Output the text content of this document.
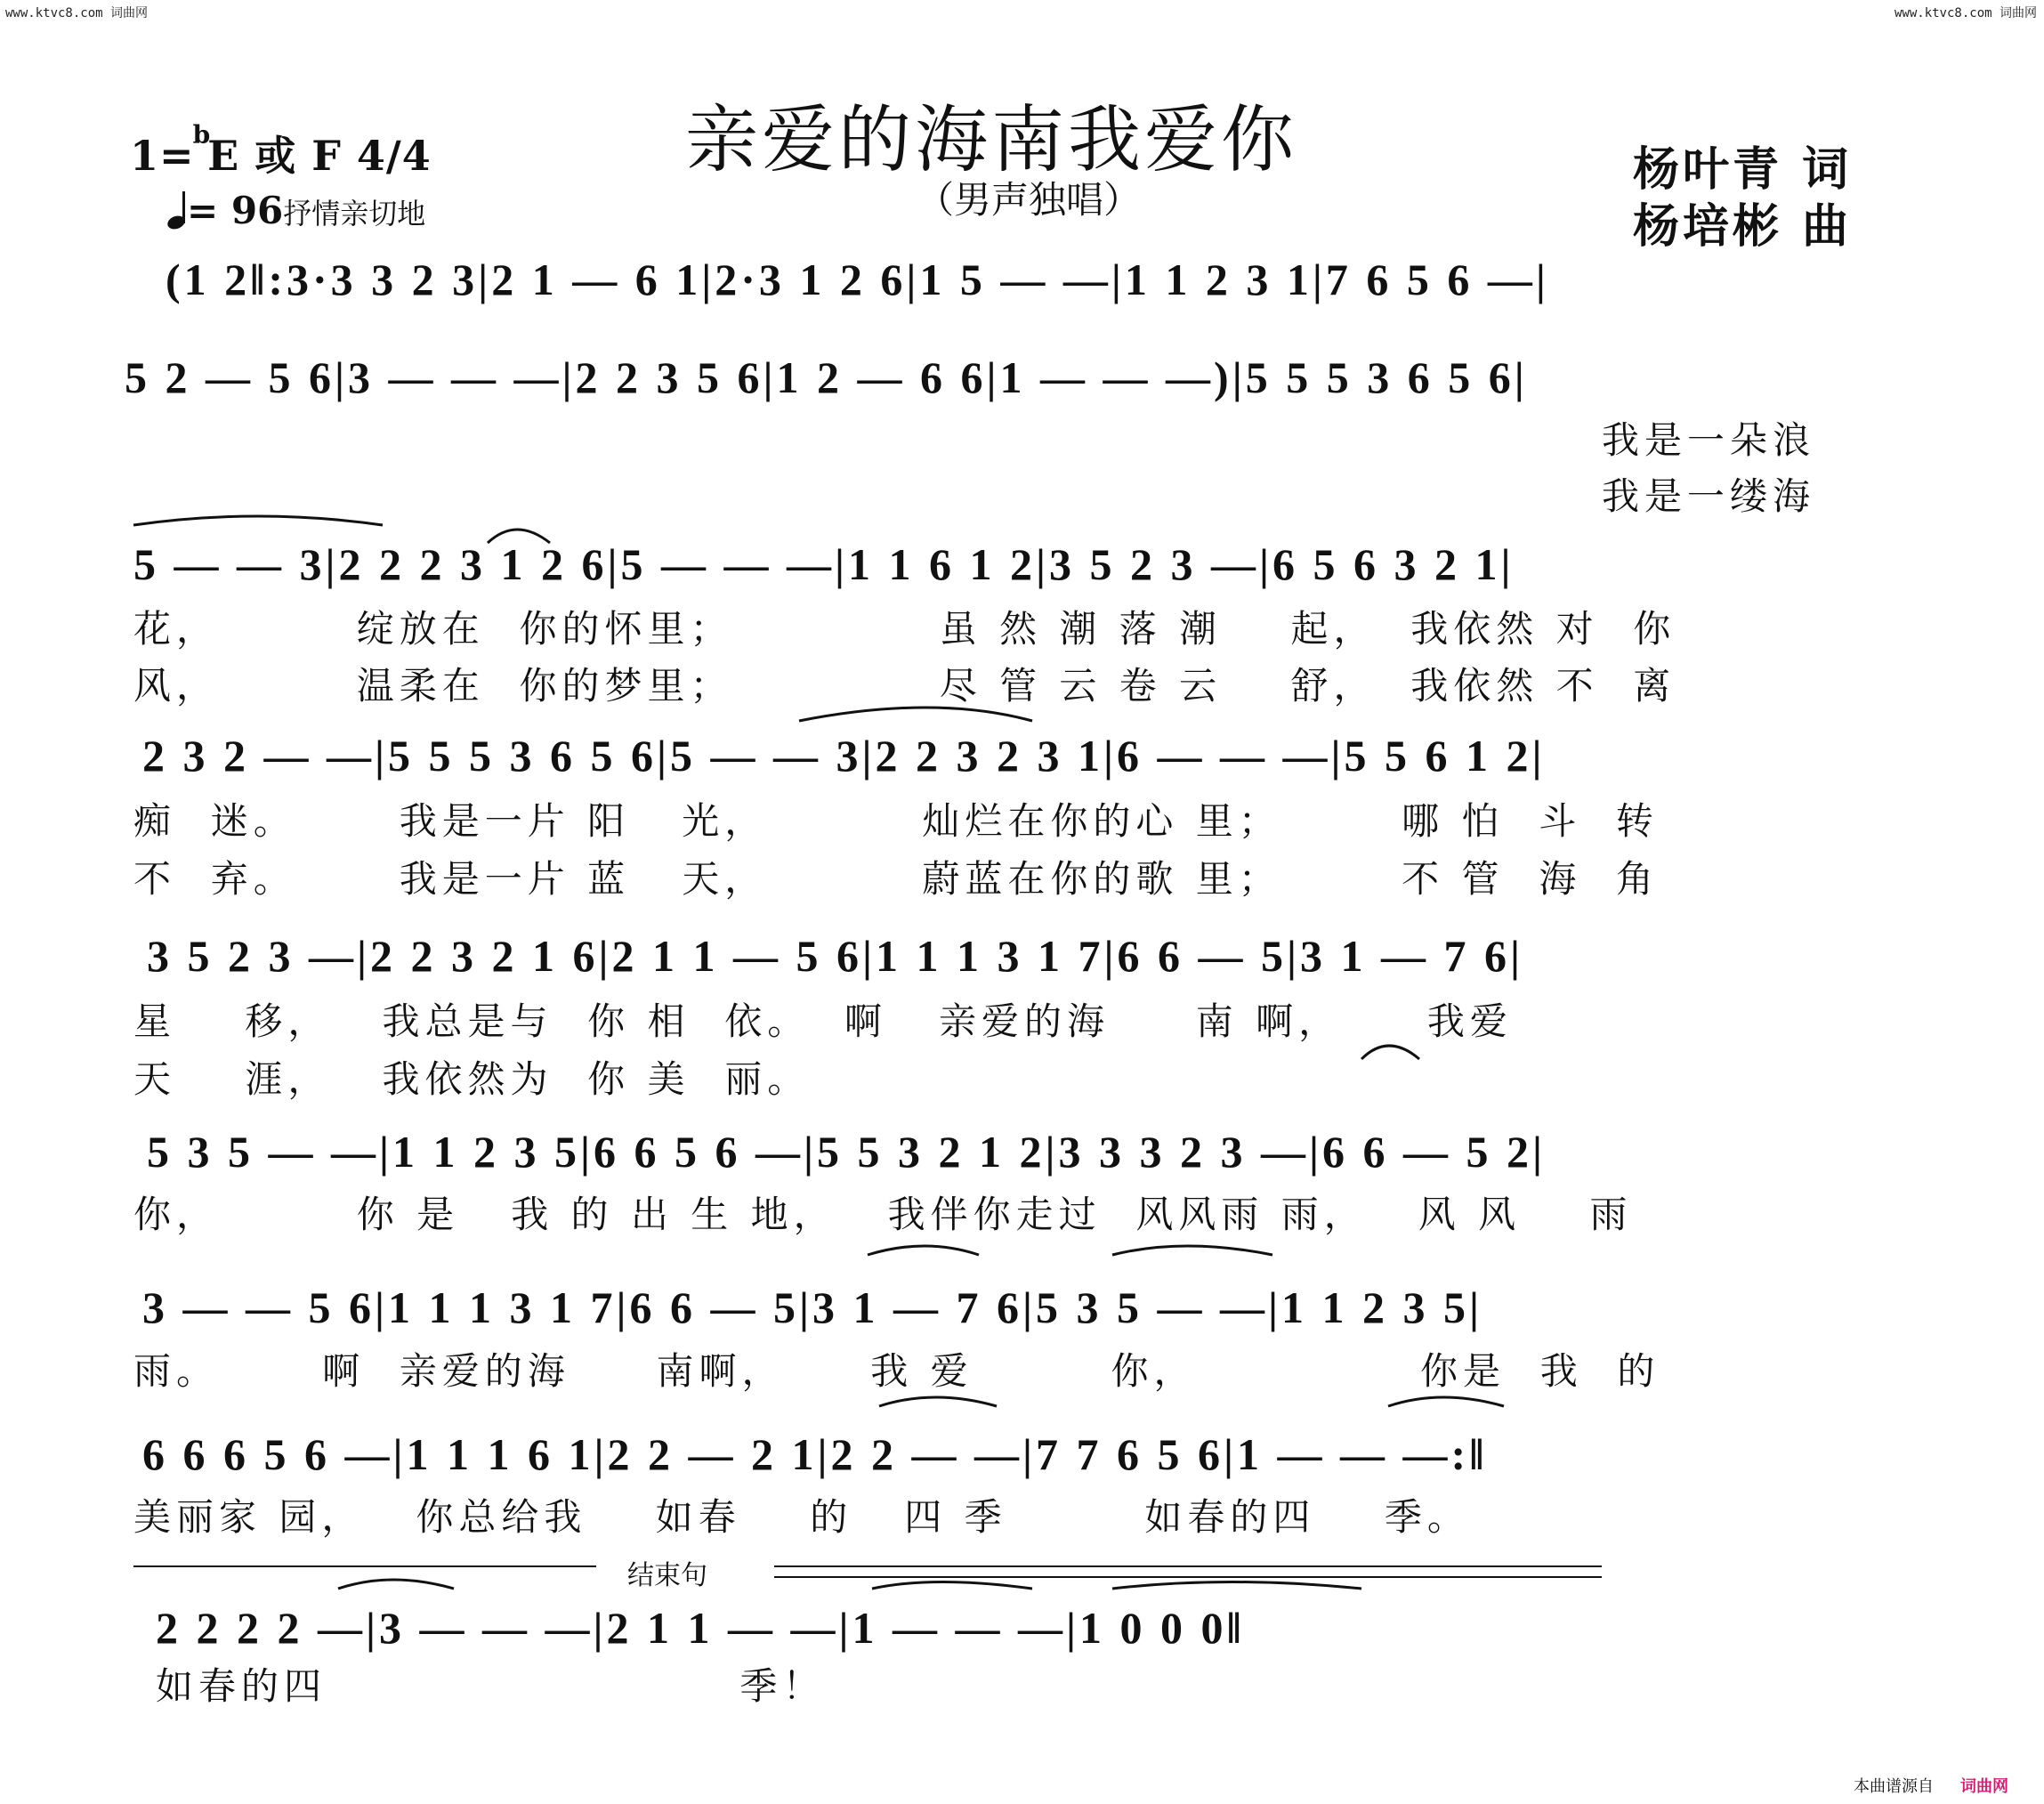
www.ktvc8.com 词曲网	www.ktvc8.com 词曲网
1=$^b$E 或 F 4/4
= 96抒情亲切地
亲爱的海南我爱你
（男声独唱）
杨叶青 词
杨培彬 曲
(1 2‖:3·3 3 2 3|2 1 — 6 1|2·3 1 2 6|1 5 — —|1 1 2 3 1|7 6 5 6 —|
5 2 — 5 6|3 — — —|2 2 3 5 6|1 2 — 6 6|1 — — —)|5 5 5 3 6 5 6|
我是一朵浪
我是一缕海
5 — — 3|2 2 2 3 1 2 6|5 — — —|1 1 6 1 2|3 5 2 3 —|6 5 6 3 2 1|
花，        绽放在  你的怀里；            虽 然 潮 落 潮    起，  我依然 对  你
风，        温柔在  你的梦里；            尽 管 云 卷 云    舒，  我依然 不  离
2 3 2 — —|5 5 5 3 6 5 6|5 — — 3|2 2 3 2 3 1|6 — — —|5 5 6 1 2|
痴  迷。      我是一片 阳   光，         灿烂在你的心 里；       哪 怕  斗  转
不  弃。      我是一片 蓝   天，         蔚蓝在你的歌 里；       不 管  海  角
3 5 2 3 —|2 2 3 2 1 6|2 1 1 — 5 6|1 1 1 3 1 7|6 6 — 5|3 1 — 7 6|
星    移，   我总是与  你 相  依。  啊   亲爱的海     南 啊，     我爱
天    涯，   我依然为  你 美  丽。
5 3 5 — —|1 1 2 3 5|6 6 5 6 —|5 5 3 2 1 2|3 3 3 2 3 —|6 6 — 5 2|
你，        你 是   我 的 出 生 地，   我伴你走过  风风雨 雨，   风 风    雨
3 — — 5 6|1 1 1 3 1 7|6 6 — 5|3 1 — 7 6|5 3 5 — —|1 1 2 3 5|
雨。      啊  亲爱的海     南啊，     我 爱        你，             你是  我  的
6 6 6 5 6 —|1 1 1 6 1|2 2 — 2 1|2 2 — —|7 7 6 5 6|1 — — —:‖
美丽家 园，   你总给我    如春    的   四 季        如春的四    季。
结束句
2 2 2 2 —|3 — — —|2 1 1 — —|1 — — —|1 0 0 0‖
如春的四                        季！
本曲谱源自 词曲网
